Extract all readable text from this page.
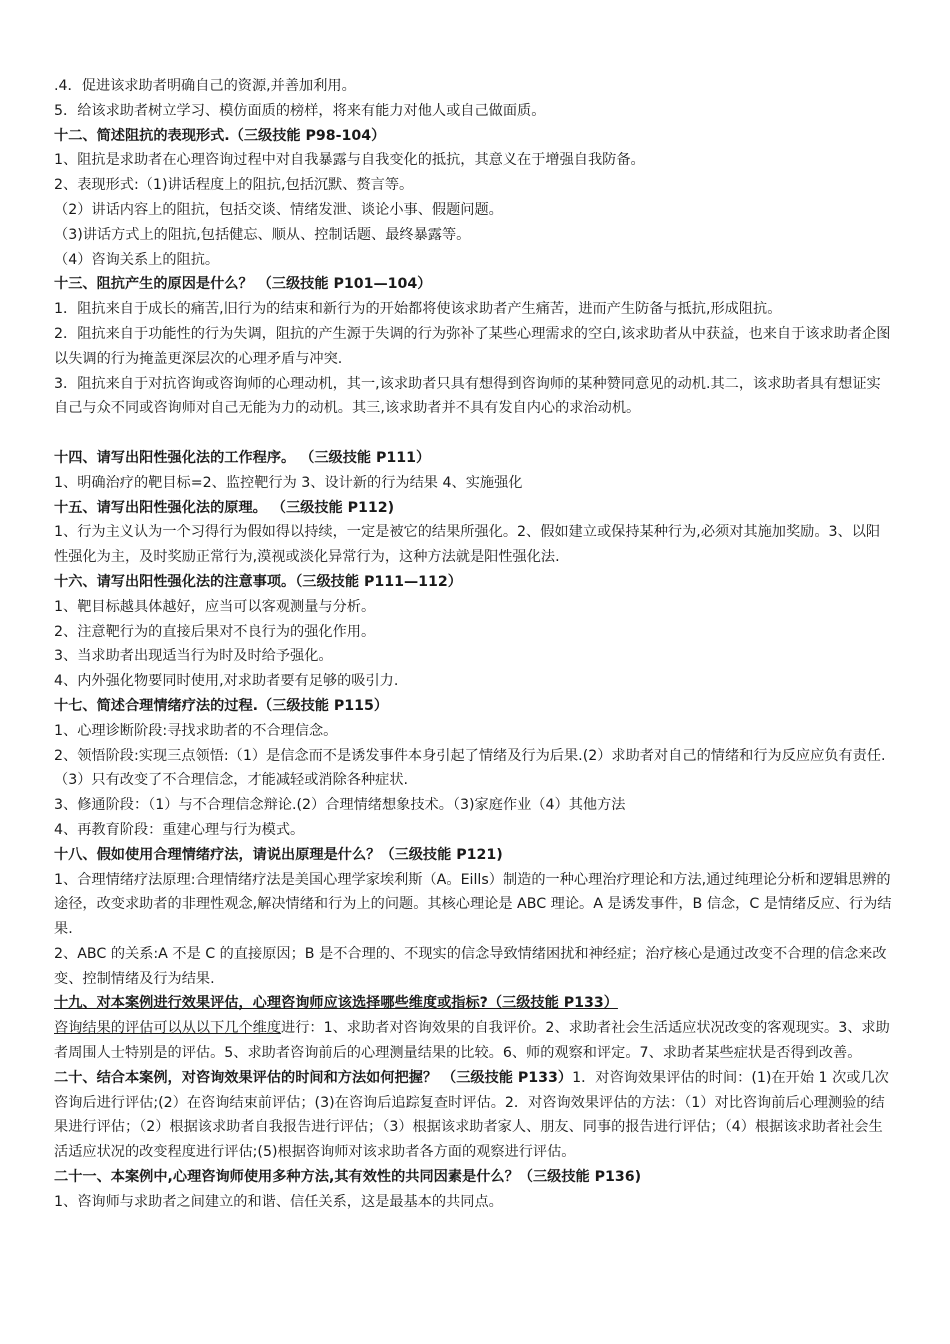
.4．促进该求助者明确自己的资源,并善加利用。
5．给该求助者树立学习、模仿面质的榜样，将来有能力对他人或自己做面质。
十二、简述阻抗的表现形式.（三级技能 P98-104）
1、阻抗是求助者在心理咨询过程中对自我暴露与自我变化的抵抗，其意义在于增强自我防备。
2、表现形式:（1)讲话程度上的阻抗,包括沉默、赘言等。
（2）讲话内容上的阻抗，包括交谈、情绪发泄、谈论小事、假题问题。
（3)讲话方式上的阻抗,包括健忘、顺从、控制话题、最终暴露等。
（4）咨询关系上的阻抗。
十三、阻抗产生的原因是什么？ （三级技能 P101—104）
1．阻抗来自于成长的痛苦,旧行为的结束和新行为的开始都将使该求助者产生痛苦，进而产生防备与抵抗,形成阻抗。
2．阻抗来自于功能性的行为失调，阻抗的产生源于失调的行为弥补了某些心理需求的空白,该求助者从中获益，也来自于该求助者企图以失调的行为掩盖更深层次的心理矛盾与冲突.
3．阻抗来自于对抗咨询或咨询师的心理动机，其一,该求助者只具有想得到咨询师的某种赞同意见的动机.其二，该求助者具有想证实自己与众不同或咨询师对自己无能为力的动机。其三,该求助者并不具有发自内心的求治动机。
十四、请写出阳性强化法的工作程序。 （三级技能 P111）
1、明确治疗的靶目标=2、监控靶行为 3、设计新的行为结果 4、实施强化
十五、请写出阳性强化法的原理。 （三级技能 P112)
1、行为主义认为一个习得行为假如得以持续，一定是被它的结果所强化。2、假如建立或保持某种行为,必须对其施加奖励。3、以阳性强化为主，及时奖励正常行为,漠视或淡化异常行为，这种方法就是阳性强化法.
十六、请写出阳性强化法的注意事项。（三级技能 P111—112）
1、靶目标越具体越好，应当可以客观测量与分析。
2、注意靶行为的直接后果对不良行为的强化作用。
3、当求助者出现适当行为时及时给予强化。
4、内外强化物要同时使用,对求助者要有足够的吸引力.
十七、简述合理情绪疗法的过程.（三级技能 P115）
1、心理诊断阶段:寻找求助者的不合理信念。
2、领悟阶段:实现三点领悟:（1）是信念而不是诱发事件本身引起了情绪及行为后果.(2）求助者对自己的情绪和行为反应应负有责任.（3）只有改变了不合理信念，才能减轻或消除各种症状.
3、修通阶段：（1）与不合理信念辩论.(2）合理情绪想象技术。（3)家庭作业（4）其他方法
4、再教育阶段：重建心理与行为模式。
十八、假如使用合理情绪疗法，请说出原理是什么？（三级技能 P121)
1、合理情绪疗法原理:合理情绪疗法是美国心理学家埃利斯（A。Eills）制造的一种心理治疗理论和方法,通过纯理论分析和逻辑思辨的途径，改变求助者的非理性观念,解决情绪和行为上的问题。其核心理论是 ABC 理论。A 是诱发事件，B 信念，C 是情绪反应、行为结果.
2、ABC 的关系:A 不是 C 的直接原因；B 是不合理的、不现实的信念导致情绪困扰和神经症；治疗核心是通过改变不合理的信念来改变、控制情绪及行为结果.
十九、对本案例进行效果评估，心理咨询师应该选择哪些维度或指标?（三级技能 P133）
咨询结果的评估可以从以下几个维度进行：1、求助者对咨询效果的自我评价。2、求助者社会生活适应状况改变的客观现实。3、求助者周围人士特别是的评估。5、求助者咨询前后的心理测量结果的比较。6、师的观察和评定。7、求助者某些症状是否得到改善。
二十、结合本案例，对咨询效果评估的时间和方法如何把握？ （三级技能 P133）1．对咨询效果评估的时间：(1)在开始 1 次或几次咨询后进行评估;(2）在咨询结束前评估；(3)在咨询后追踪复查时评估。2．对咨询效果评估的方法：（1）对比咨询前后心理测验的结果进行评估；（2）根据该求助者自我报告进行评估；（3）根据该求助者家人、朋友、同事的报告进行评估；（4）根据该求助者社会生活适应状况的改变程度进行评估;(5)根据咨询师对该求助者各方面的观察进行评估。
二十一、本案例中,心理咨询师使用多种方法,其有效性的共同因素是什么？（三级技能 P136)
1、咨询师与求助者之间建立的和谐、信任关系，这是最基本的共同点。
